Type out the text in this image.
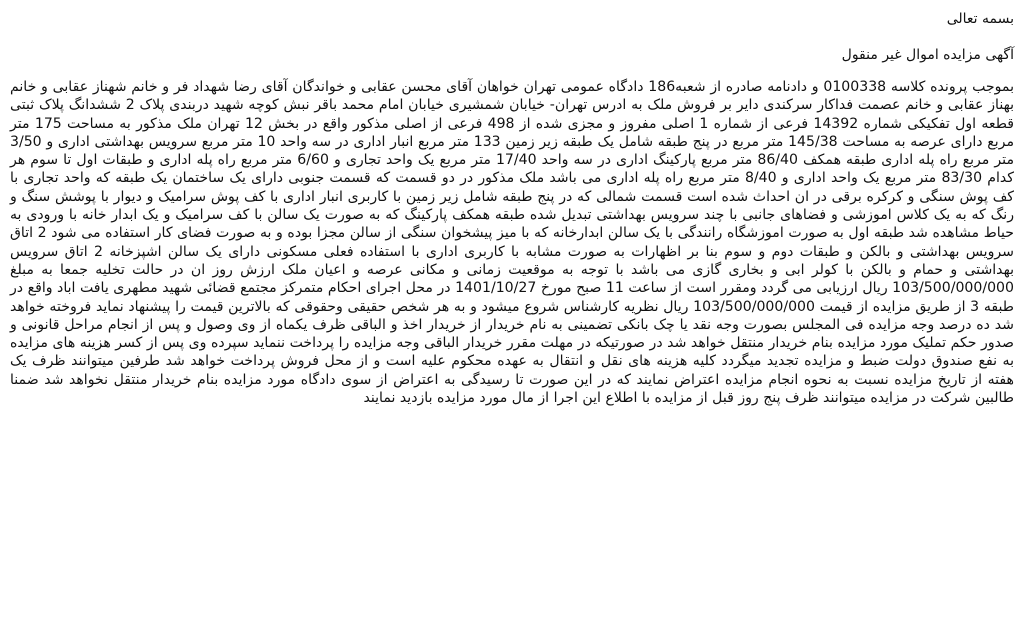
بسمه تعالی

آگهی مزایده اموال غیر منقول

بموجب پرونده کلاسه 0100338 و دادنامه صادره از شعبه186 دادگاه عمومی تهران خواهان آقای محسن عقابی و خواندگان آقای رضا شهداد فر و خانم شهناز عقابی و خانم بهناز عقابی و خانم عصمت فداکار سرکندی دایر بر فروش ملک به ادرس تهران- خیابان شمشیری خیابان امام محمد باقر نبش کوچه شهید دربندی پلاک 2 ششدانگ پلاک ثبتی قطعه اول تفکیکی شماره 14392 فرعی از شماره 1 اصلی مفروز و مجزی شده از 498 فرعی از اصلی مذکور واقع در بخش 12 تهران ملک مذکور به مساحت 175 متر مربع دارای عرصه به مساحت 145/38 متر مربع در پنج طبقه شامل یک طبقه زیر زمین 133 متر مربع انبار اداری در سه واحد 10 متر مربع سرویس بهداشتی اداری و 3/50 متر مربع راه پله اداری طبقه همکف 86/40 متر مربع پارکینگ اداری در سه واحد 17/40 متر مربع یک واحد تجاری و 6/60 متر مربع راه پله اداری و طبقات اول تا سوم هر کدام 83/30 متر مربع یک واحد اداری و 8/40 متر مربع راه پله اداری می باشد ملک مذکور در دو قسمت که قسمت جنوبی دارای یک ساختمان یک طبقه که واحد تجاری با کف پوش سنگی و کرکره برقی در ان احداث شده است قسمت شمالی که در پنج طبقه شامل زیر زمین با کاربری انبار اداری با کف پوش سرامیک و دیوار با پوشش سنگ و رنگ که به یک کلاس اموزشی و فضاهای جانبی با چند سرویس بهداشتی تبدیل شده طبقه همکف پارکینگ که به صورت یک سالن با کف سرامیک و یک ابدار خانه با ورودی به حیاط مشاهده شد طبقه اول به صورت اموزشگاه رانندگی با یک سالن ابدارخانه که با میز پیشخوان سنگی از سالن مجزا بوده و به صورت فضای کار استفاده می شود 2 اتاق سرویس بهداشتی و بالکن و طبقات دوم و سوم بنا بر اظهارات به صورت مشابه با کاربری اداری با استفاده فعلی مسکونی دارای یک سالن اشپزخانه 2 اتاق سرویس بهداشتی و حمام و بالکن با کولر ابی و بخاری گازی می باشد با توجه به موقعیت زمانی و مکانی عرصه و اعیان ملک ارزش روز ان در حالت تخلیه جمعا به مبلغ 103/500/000/000 ریال ارزیابی می گردد ومقرر است از ساعت 11 صبح مورخ 1401/10/27 در محل اجرای احکام متمرکز مجتمع قضائی شهید مطهری یافت اباد واقع در طبقه 3 از طریق مزایده از قیمت 103/500/000/000 ریال نظریه کارشناس شروع میشود و به هر شخص حقیقی وحقوقی که بالاترین قیمت را پیشنهاد نماید فروخته خواهد شد ده درصد وجه مزایده فی المجلس بصورت وجه نقد یا چک بانکی تضمینی به نام خریدار از خریدار اخذ و الباقی ظرف یکماه از وی وصول و پس از انجام مراحل قانونی و صدور حکم تملیک مورد مزایده بنام خریدار منتقل خواهد شد در صورتیکه در مهلت مقرر خریدار الباقی وجه مزایده را پرداخت ننماید سپرده وی پس از کسر هزینه های مزایده به نفع صندوق دولت ضبط و مزایده تجدید میگردد کلیه هزینه های نقل و انتقال به عهده محکوم علیه است و از محل فروش پرداخت خواهد شد طرفین میتوانند ظرف یک هفته از تاریخ مزایده نسبت به نحوه انجام مزایده اعتراض نمایند که در این صورت تا رسیدگی به اعتراض از سوی دادگاه مورد مزایده بنام خریدار منتقل نخواهد شد ضمنا طالبین شرکت در مزایده میتوانند ظرف پنج روز قبل از مزایده با اطلاع این اجرا از مال مورد مزایده بازدید نمایند
